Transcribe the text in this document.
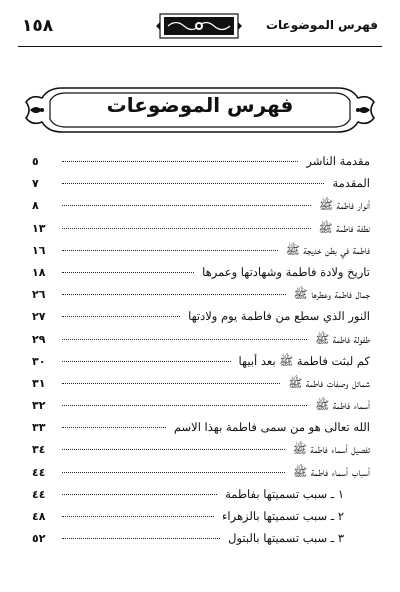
١٥٨	فهرس الموضوعات
فهرس الموضوعات
مقدمة الناشر
٥
المقدمة
٧
أنوار فاطمة ﷺ
٨
نطفة فاطمة ﷺ
١٣
فاطمة في بطن خديجة ﷺ
١٦
تاريخ ولادة فاطمة وشهادتها وعمرها
١٨
جمال فاطمة وعطرها ﷺ
٢٦
النور الذي سطع من فاطمة يوم ولادتها
٢٧
طفولة فاطمة ﷺ
٢٩
كم لبثت فاطمة ﷺ بعد أبيها
٣٠
شمائل وصفات فاطمة ﷺ
٣١
أسماء فاطمة ﷺ
٣٢
الله تعالى هو من سمى فاطمة بهذا الاسم
٣٣
تفصيل أسماء فاطمة ﷺ
٣٤
أسباب أسماء فاطمة ﷺ
٤٤
١ ـ سبب تسميتها بفاطمة
٤٤
٢ ـ سبب تسميتها بالزهراء
٤٨
٣ ـ سبب تسميتها بالبتول
٥٢
